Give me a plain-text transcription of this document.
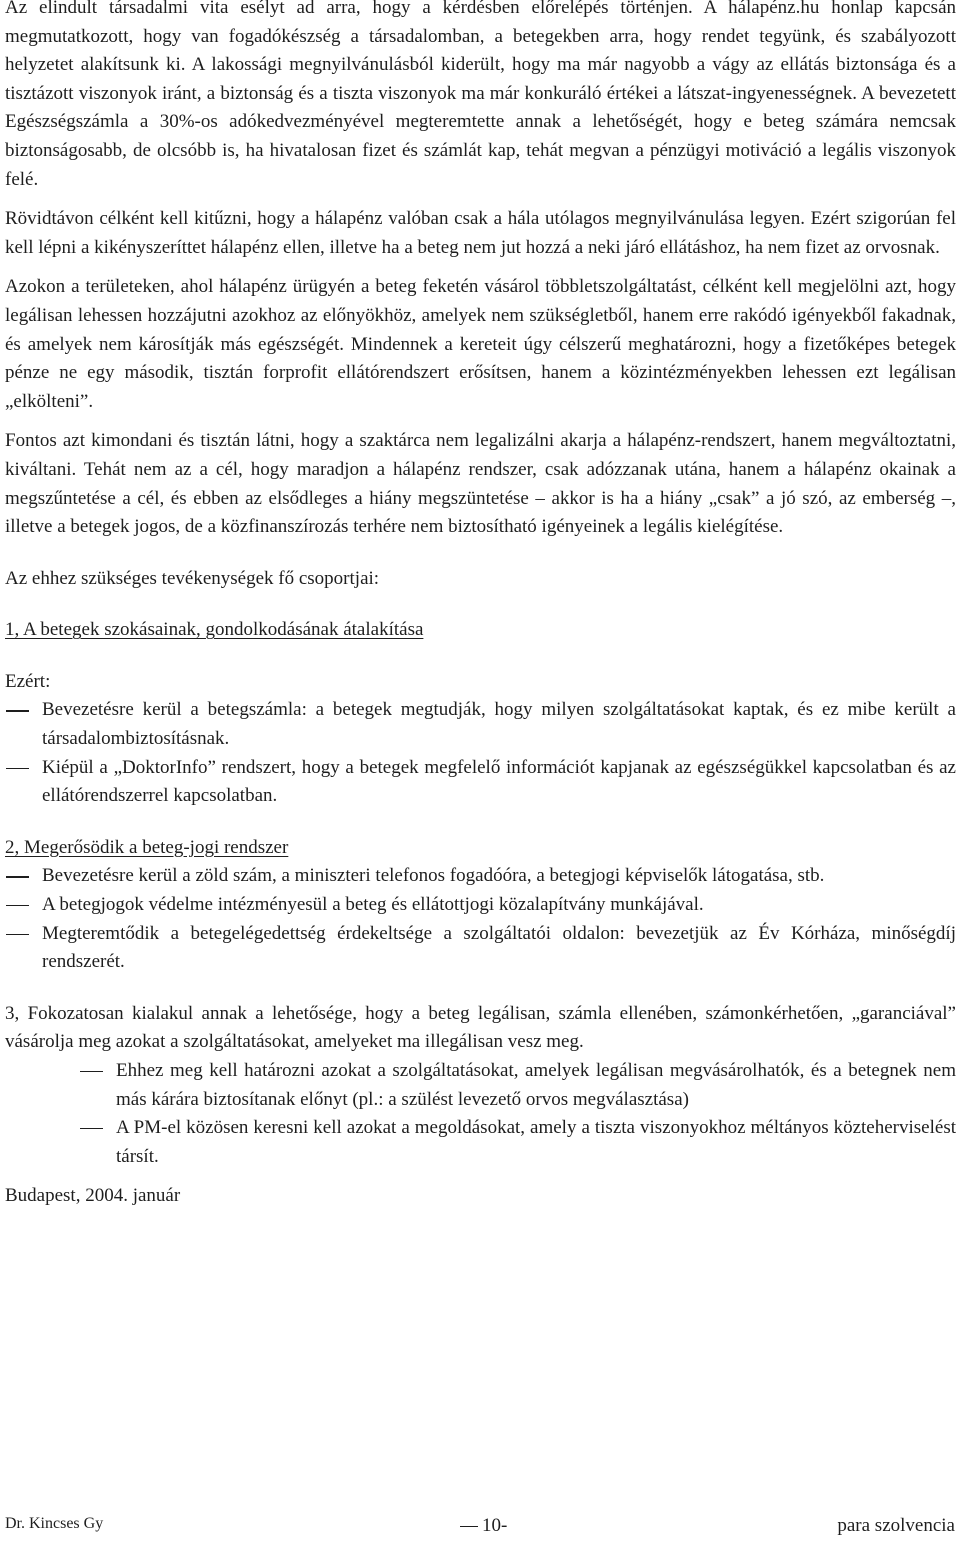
Az elindult társadalmi vita esélyt ad arra, hogy a kérdésben előrelépés történjen. A hálapénz.hu honlap kapcsán megmutatkozott, hogy van fogadókészség a társadalomban, a betegekben arra, hogy rendet tegyünk, és szabályozott helyzetet alakítsunk ki. A lakossági megnyilvánulásból kiderült, hogy ma már nagyobb a vágy az ellátás biztonsága és a tisztázott viszonyok iránt, a biztonság és a tiszta viszonyok ma már konkuráló értékei a látszat-ingyenességnek. A bevezetett Egészségszámla a 30%-os adókedvezményével megteremtette annak a lehetőségét, hogy e beteg számára nemcsak biztonságosabb, de olcsóbb is, ha hivatalosan fizet és számlát kap, tehát megvan a pénzügyi motiváció a legális viszonyok felé.

Rövidtávon célként kell kitűzni, hogy a hálapénz valóban csak a hála utólagos megnyilvánulása legyen. Ezért szigorúan fel kell lépni a kikényszeríttet hálapénz ellen, illetve ha a beteg nem jut hozzá a neki járó ellátáshoz, ha nem fizet az orvosnak.

Azokon a területeken, ahol hálapénz ürügyén a beteg feketén vásárol többletszolgáltatást, célként kell megjelölni azt, hogy legálisan lehessen hozzájutni azokhoz az előnyökhöz, amelyek nem szükségletből, hanem erre rakódó igényekből fakadnak, és amelyek nem károsítják más egészségét. Mindennek a kereteit úgy célszerű meghatározni, hogy a fizetőképes betegek pénze ne egy második, tisztán forprofit ellátórendszert erősítsen, hanem a közintézményekben lehessen ezt legálisan „elkölteni”.

Fontos azt kimondani és tisztán látni, hogy a szaktárca nem legalizálni akarja a hálapénz-rendszert, hanem megváltoztatni, kiváltani. Tehát nem az a cél, hogy maradjon a hálapénz rendszer, csak adózzanak utána, hanem a hálapénz okainak a megszűntetése a cél, és ebben az elsődleges a hiány megszüntetése – akkor is ha a hiány „csak” a jó szó, az emberség –, illetve a betegek jogos, de a közfinanszírozás terhére nem biztosítható igényeinek a legális kielégítése.

Az ehhez szükséges tevékenységek fő csoportjai:

1, A betegek szokásainak, gondolkodásának átalakítása

Ezért:

Bevezetésre kerül a betegszámla: a betegek megtudják, hogy milyen szolgáltatásokat kaptak, és ez mibe került a társadalombiztosításnak.
Kiépül a „DoktorInfo” rendszert, hogy a betegek megfelelő információt kapjanak az egészségükkel kapcsolatban és az ellátórendszerrel kapcsolatban.

2, Megerősödik a beteg-jogi rendszer

Bevezetésre kerül a zöld szám, a miniszteri telefonos fogadóóra, a betegjogi képviselők látogatása, stb.
A betegjogok védelme intézményesül a beteg és ellátottjogi közalapítvány munkájával.
Megteremtődik a betegelégedettség érdekeltsége a szolgáltatói oldalon: bevezetjük az Év Kórháza, minőségdíj rendszerét.

3, Fokozatosan kialakul annak a lehetősége, hogy a beteg legálisan, számla ellenében, számonkérhetően, „garanciával” vásárolja meg azokat a szolgáltatásokat, amelyeket ma illegálisan vesz meg.

Ehhez meg kell határozni azokat a szolgáltatásokat, amelyek legálisan megvásárolhatók, és a betegnek nem más kárára biztosítanak előnyt (pl.: a szülést levezető orvos megválasztása)
A PM-el közösen keresni kell azokat a megoldásokat, amely a tiszta viszonyokhoz méltányos közteherviselést társít.

Budapest, 2004. január

Dr. Kincses Gy	10-	para szolvencia
